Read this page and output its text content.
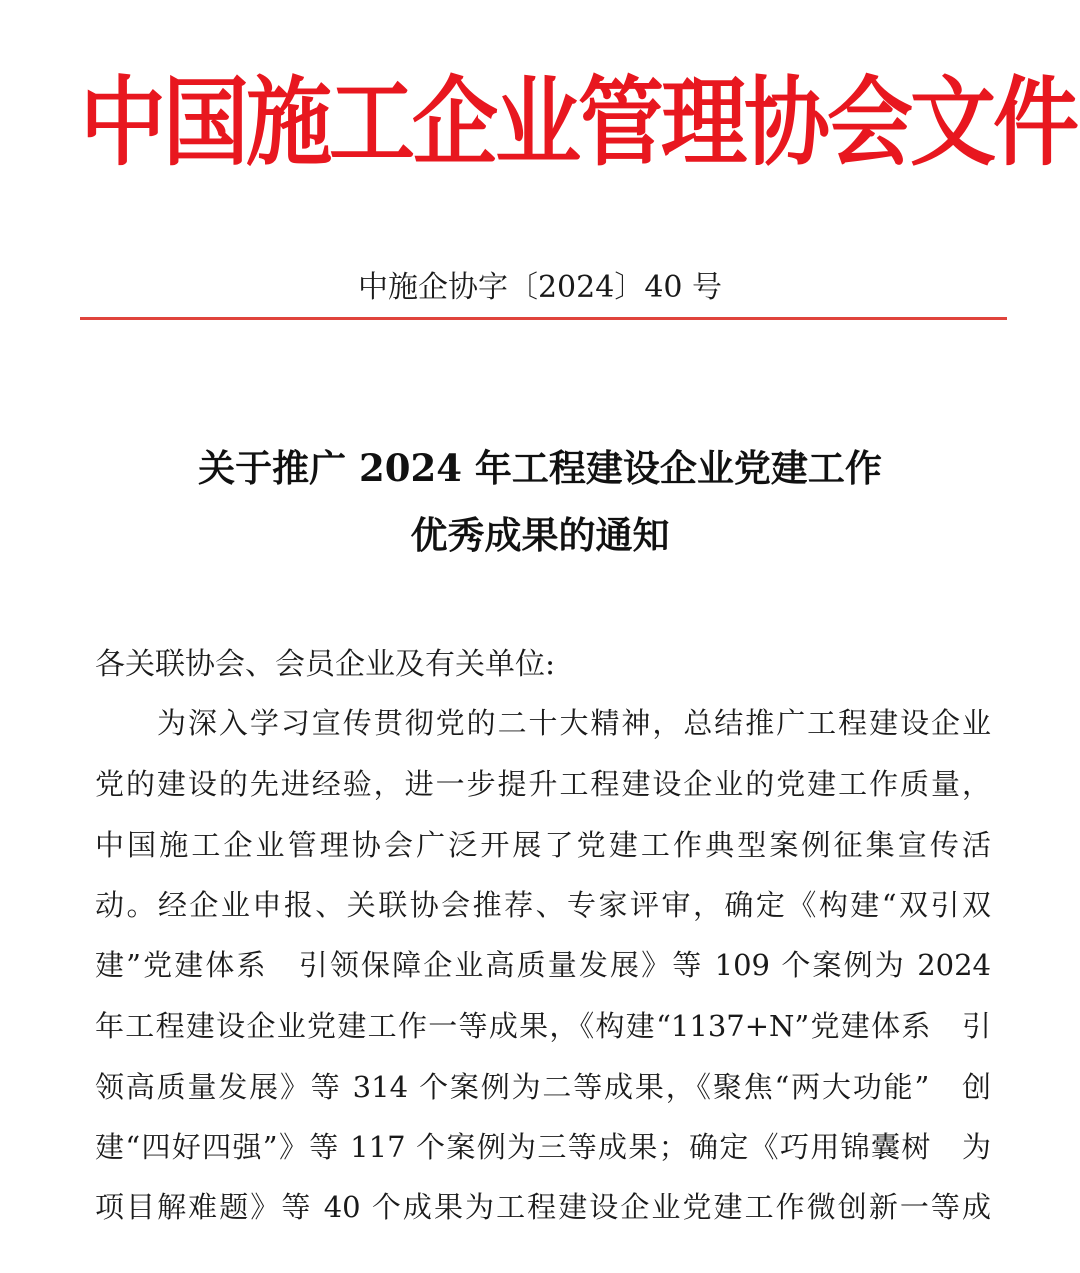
中国施工企业管理协会文件
中施企协字〔2024〕40 号
关于推广 2024 年工程建设企业党建工作
优秀成果的通知
各关联协会、会员企业及有关单位:
为深入学习宣传贯彻党的二十大精神，总结推广工程建设企业
党的建设的先进经验，进一步提升工程建设企业的党建工作质量，
中国施工企业管理协会广泛开展了党建工作典型案例征集宣传活
动。经企业申报、关联协会推荐、专家评审，确定《构建“双引双
建”党建体系　引领保障企业高质量发展》等 109 个案例为 2024
年工程建设企业党建工作一等成果，《构建“1137+N”党建体系　引
领高质量发展》等 314 个案例为二等成果，《聚焦“两大功能”　创
建“四好四强”》等 117 个案例为三等成果；确定《巧用锦囊树　为
项目解难题》等 40 个成果为工程建设企业党建工作微创新一等成
